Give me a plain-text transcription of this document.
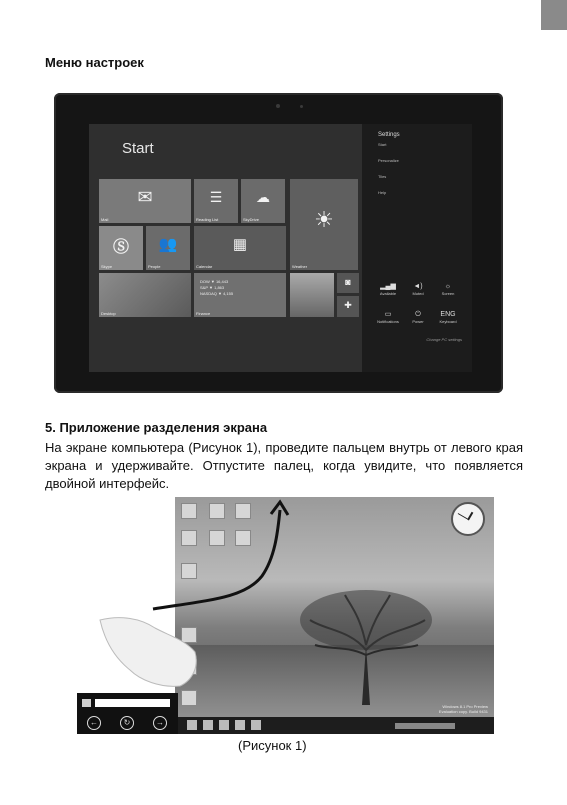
Меню настроек
Start
✉
Mail
☰
Reading List
☁
SkyDrive	☀
Weather
Ⓢ
Skype
👥
People
▦
Calendar
Desktop
DOW ▼ 16,443
S&P ▼ 1,863
NASDAQ ▼ 4,155
Finance
◙
✚
Settings
Start
Personalize
Tiles
Help
▂▄▆
Available
◄)
Muted
☼
Screen
▭
Notifications
⏻
Power
ENG
Keyboard
Change PC settings
5. Приложение разделения экрана
На экране компьютера (Рисунок 1), проведите пальцем внутрь от левого края экрана и удерживайте. Отпустите палец, когда увидите, что появляется двойной интерфейс.
Windows 8.1 Pro Preview
Evaluation copy. Build 9431
←	↻	→
(Рисунок 1)
